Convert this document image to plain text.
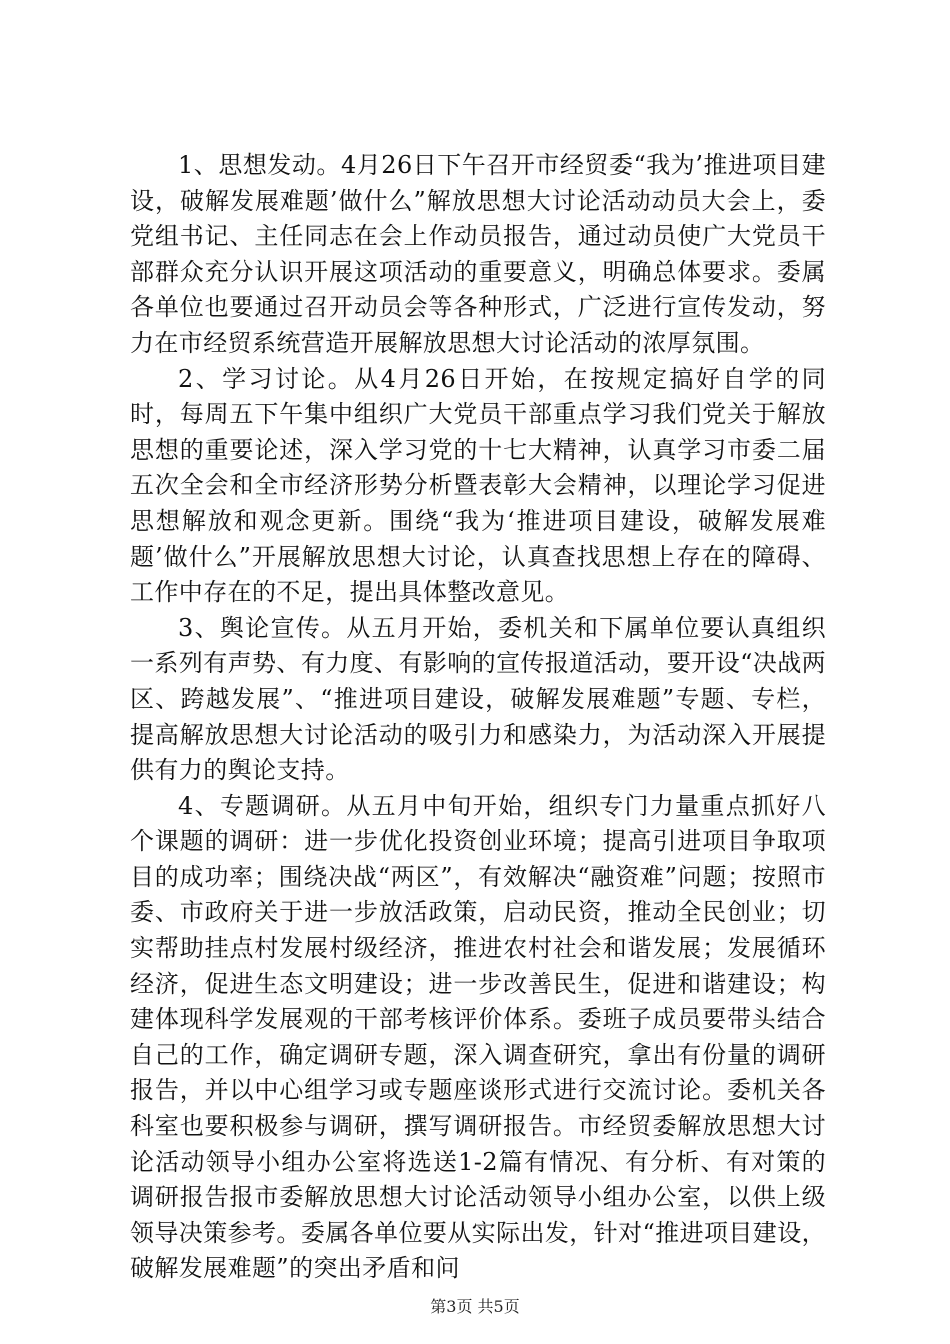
1、思想发动。4月26日下午召开市经贸委“我为’推进项目建设，破解发展难题’做什么”解放思想大讨论活动动员大会上，委党组书记、主任同志在会上作动员报告，通过动员使广大党员干部群众充分认识开展这项活动的重要意义，明确总体要求。委属各单位也要通过召开动员会等各种形式，广泛进行宣传发动，努力在市经贸系统营造开展解放思想大讨论活动的浓厚氛围。

2、学习讨论。从4月26日开始，在按规定搞好自学的同时，每周五下午集中组织广大党员干部重点学习我们党关于解放思想的重要论述，深入学习党的十七大精神，认真学习市委二届五次全会和全市经济形势分析暨表彰大会精神，以理论学习促进思想解放和观念更新。围绕“我为‘推进项目建设，破解发展难题’做什么”开展解放思想大讨论，认真查找思想上存在的障碍、工作中存在的不足，提出具体整改意见。

3、舆论宣传。从五月开始，委机关和下属单位要认真组织一系列有声势、有力度、有影响的宣传报道活动，要开设“决战两区、跨越发展”、“推进项目建设，破解发展难题”专题、专栏，提高解放思想大讨论活动的吸引力和感染力，为活动深入开展提供有力的舆论支持。

4、专题调研。从五月中旬开始，组织专门力量重点抓好八个课题的调研：进一步优化投资创业环境；提高引进项目争取项目的成功率；围绕决战“两区”，有效解决“融资难”问题；按照市委、市政府关于进一步放活政策，启动民资，推动全民创业；切实帮助挂点村发展村级经济，推进农村社会和谐发展；发展循环经济，促进生态文明建设；进一步改善民生，促进和谐建设；构建体现科学发展观的干部考核评价体系。委班子成员要带头结合自己的工作，确定调研专题，深入调查研究，拿出有份量的调研报告，并以中心组学习或专题座谈形式进行交流讨论。委机关各科室也要积极参与调研，撰写调研报告。市经贸委解放思想大讨论活动领导小组办公室将选送1-2篇有情况、有分析、有对策的调研报告报市委解放思想大讨论活动领导小组办公室，以供上级领导决策参考。委属各单位要从实际出发，针对“推进项目建设，破解发展难题”的突出矛盾和问

第3页 共5页
